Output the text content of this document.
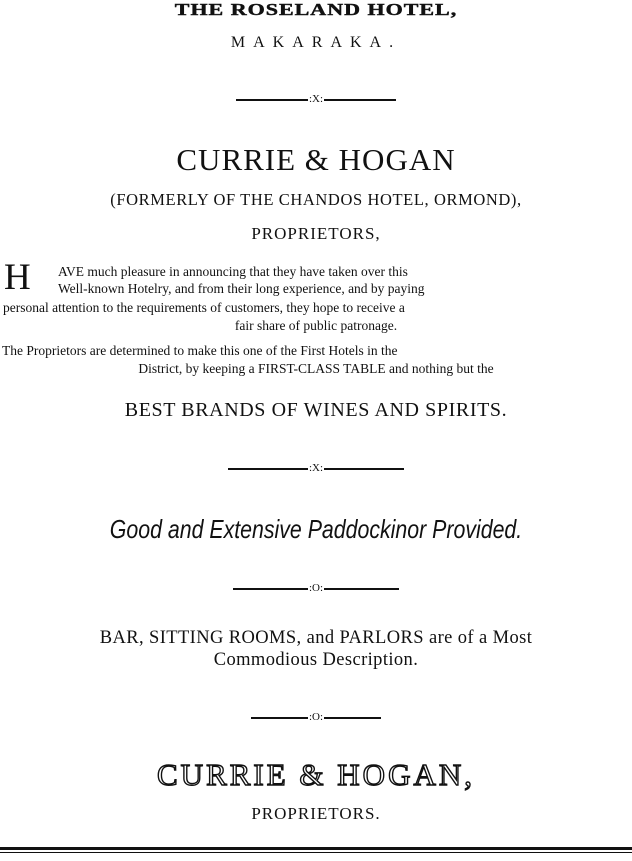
THE ROSELAND HOTEL,
MAKARAKA.
:X:
CURRIE & HOGAN
(FORMERLY OF THE CHANDOS HOTEL, ORMOND),
PROPRIETORS,
H AVE much pleasure in announcing that they have taken over this
Well-known Hotelry, and from their long experience, and by paying
personal attention to the requirements of customers, they hope to receive a
fair share of public patronage.
The Proprietors are determined to make this one of the First Hotels in the
District, by keeping a FIRST-CLASS TABLE and nothing but the
BEST BRANDS OF WINES AND SPIRITS.
:X:
Good and Extensive Paddockinor Provided.
:O:
BAR, SITTING ROOMS, and PARLORS are of a Most
Commodious Description.
:O:
CURRIE & HOGAN,
PROPRIETORS.
